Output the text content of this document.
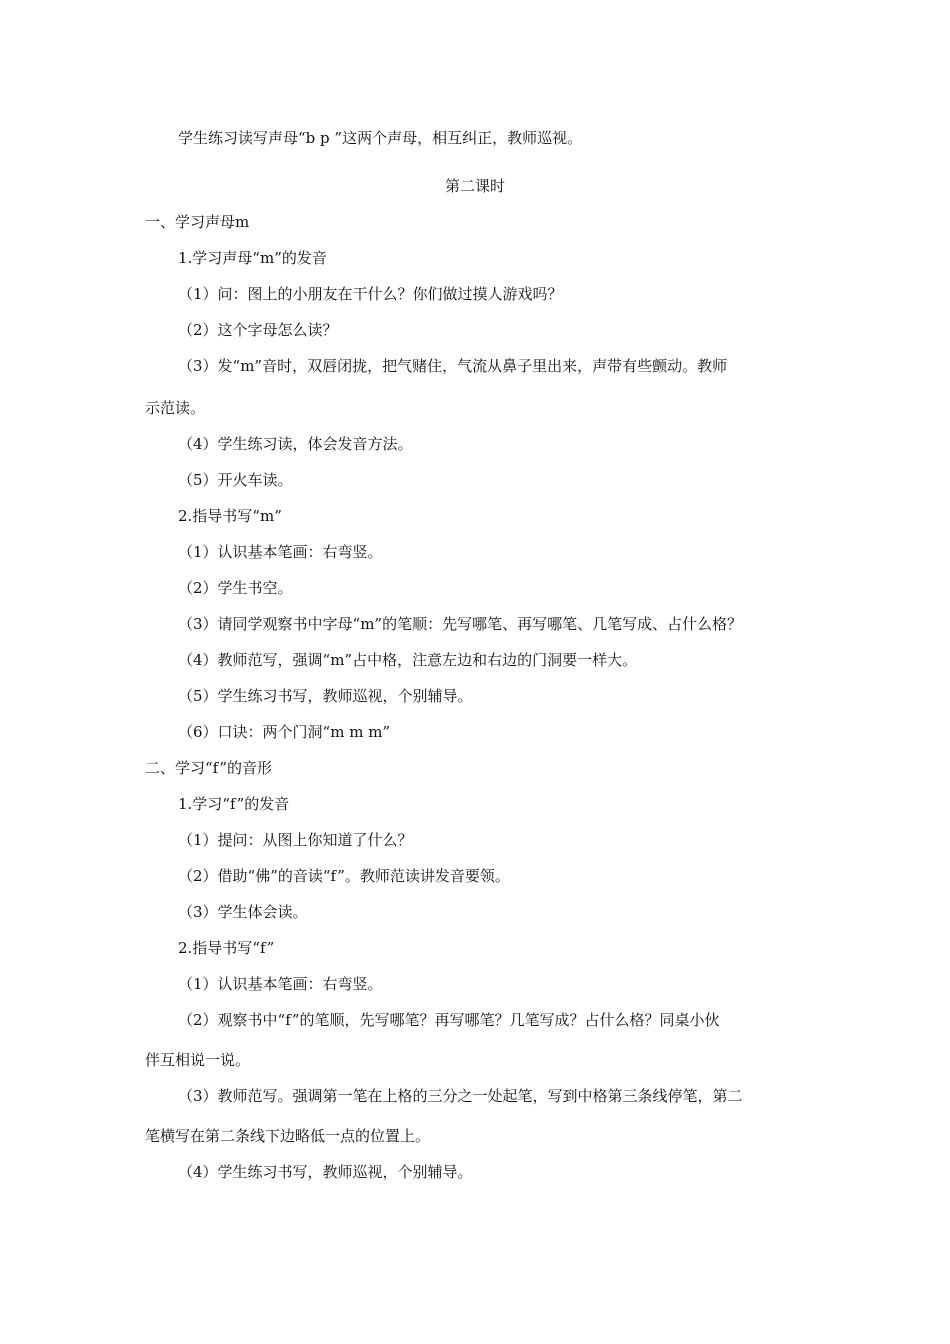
学生练习读写声母“b p ”这两个声母，相互纠正，教师巡视。
第二课时
一、学习声母m
1.学习声母“m”的发音
（1）问：图上的小朋友在干什么？你们做过摸人游戏吗？
（2）这个字母怎么读？
（3）发“m”音时，双唇闭拢，把气赌住，气流从鼻子里出来，声带有些颤动。教师
示范读。
（4）学生练习读，体会发音方法。
（5）开火车读。
2.指导书写“m”
（1）认识基本笔画：右弯竖。
（2）学生书空。
（3）请同学观察书中字母“m”的笔顺：先写哪笔、再写哪笔、几笔写成、占什么格？
（4）教师范写，强调“m”占中格，注意左边和右边的门洞要一样大。
（5）学生练习书写，教师巡视，个别辅导。
（6）口诀：两个门洞“m m m”
二、学习“f”的音形
1.学习“f”的发音
（1）提问：从图上你知道了什么？
（2）借助“佛”的音读“f”。教师范读讲发音要领。
（3）学生体会读。
2.指导书写“f”
（1）认识基本笔画：右弯竖。
（2）观察书中“f”的笔顺，先写哪笔？再写哪笔？几笔写成？占什么格？同桌小伙
伴互相说一说。
（3）教师范写。强调第一笔在上格的三分之一处起笔，写到中格第三条线停笔，第二
笔横写在第二条线下边略低一点的位置上。
（4）学生练习书写，教师巡视，个别辅导。
